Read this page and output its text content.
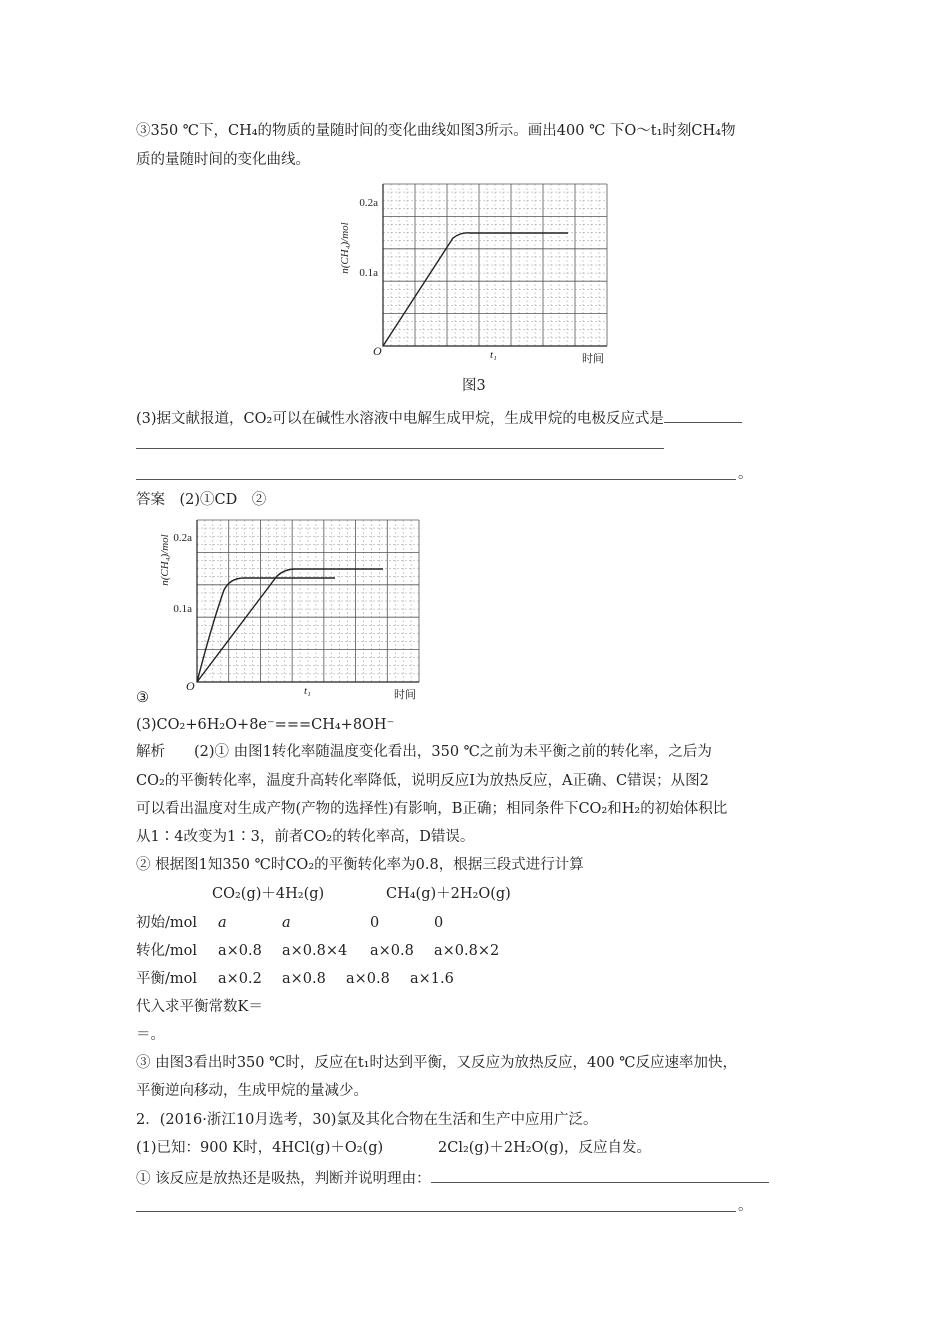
③350 ℃下，CH₄的物质的量随时间的变化曲线如图3所示。画出400 ℃ 下O～t₁时刻CH₄物
质的量随时间的变化曲线。
n(CH₄)/mol
0.2a
0.1a
O	t₁	时间
图3
(3)据文献报道，CO₂可以在碱性水溶液中电解生成甲烷，生成甲烷的电极反应式是
。
答案　(2)①CD　②
n(CH₄)/mol 0.2a
0.1a
O	t₁	时间
③
(3)CO₂+6H₂O+8e⁻===CH₄+8OH⁻
解析　　(2)① 由图1转化率随温度变化看出，350 ℃之前为未平衡之前的转化率，之后为
CO₂的平衡转化率，温度升高转化率降低，说明反应Ⅰ为放热反应，A正确、C错误；从图2
可以看出温度对生成产物(产物的选择性)有影响，B正确；相同条件下CO₂和H₂的初始体积比
从1∶4改变为1∶3，前者CO₂的转化率高，D错误。
② 根据图1知350 ℃时CO₂的平衡转化率为0.8，根据三段式进行计算
CO₂(g)＋4H₂(g)	CH₄(g)＋2H₂O(g)
初始/mol a	a	0	0
转化/mol a×0.8 a×0.8×4 a×0.8 a×0.8×2
平衡/mol a×0.2 a×0.8 a×0.8 a×1.6
代入求平衡常数K＝
＝。
③ 由图3看出时350 ℃时，反应在t₁时达到平衡，又反应为放热反应，400 ℃反应速率加快，
平衡逆向移动，生成甲烷的量减少。
2．(2016·浙江10月选考，30)氯及其化合物在生活和生产中应用广泛。
(1)已知：900 K时，4HCl(g)＋O₂(g)	2Cl₂(g)＋2H₂O(g)，反应自发。
① 该反应是放热还是吸热，判断并说明理由：
。
